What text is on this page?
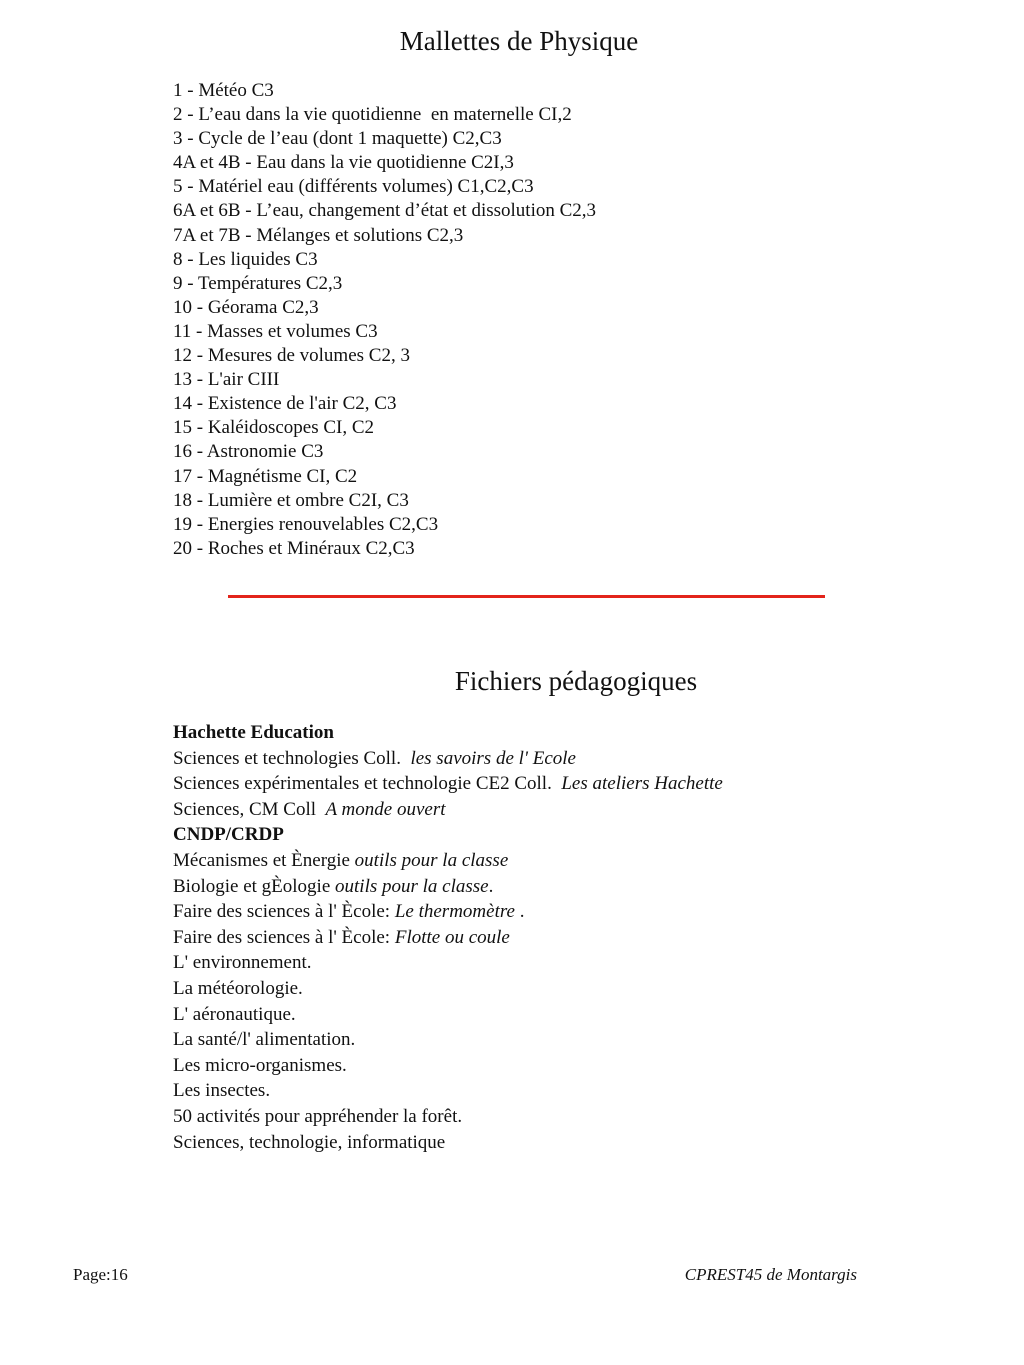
Mallettes de Physique
1 - Météo C3
2 - L’eau dans la vie quotidienne  en maternelle CI,2
3 - Cycle de l’eau (dont 1 maquette) C2,C3
4A et 4B - Eau dans la vie quotidienne C2I,3
5 - Matériel eau (différents volumes) C1,C2,C3
6A et 6B - L’eau, changement d’état et dissolution C2,3
7A et 7B - Mélanges et solutions C2,3
8 - Les liquides C3
9 - Températures C2,3
10 - Géorama C2,3
11 - Masses et volumes C3
12 - Mesures de volumes C2, 3
13 - L'air CIII
14 - Existence de l'air C2, C3
15 - Kaléidoscopes CI, C2
16 - Astronomie C3
17 - Magnétisme CI, C2
18 - Lumière et ombre C2I, C3
19 - Energies renouvelables C2,C3
20 - Roches et Minéraux C2,C3
Fichiers pédagogiques
Hachette Education
Sciences et technologies Coll.  les savoirs de l' Ecole
Sciences expérimentales et technologie CE2 Coll.  Les ateliers Hachette
Sciences, CM Coll  A monde ouvert
CNDP/CRDP
Mécanismes et Ènergie outils pour la classe
Biologie et gÈologie outils pour la classe.
Faire des sciences à l' Ècole: Le thermomètre .
Faire des sciences à l' Ècole: Flotte ou coule
L' environnement.
La météorologie.
L' aéronautique.
La santé/l' alimentation.
Les micro-organismes.
Les insectes.
50 activités pour appréhender la forêt.
Sciences, technologie, informatique
Page:16	CPREST45 de Montargis
